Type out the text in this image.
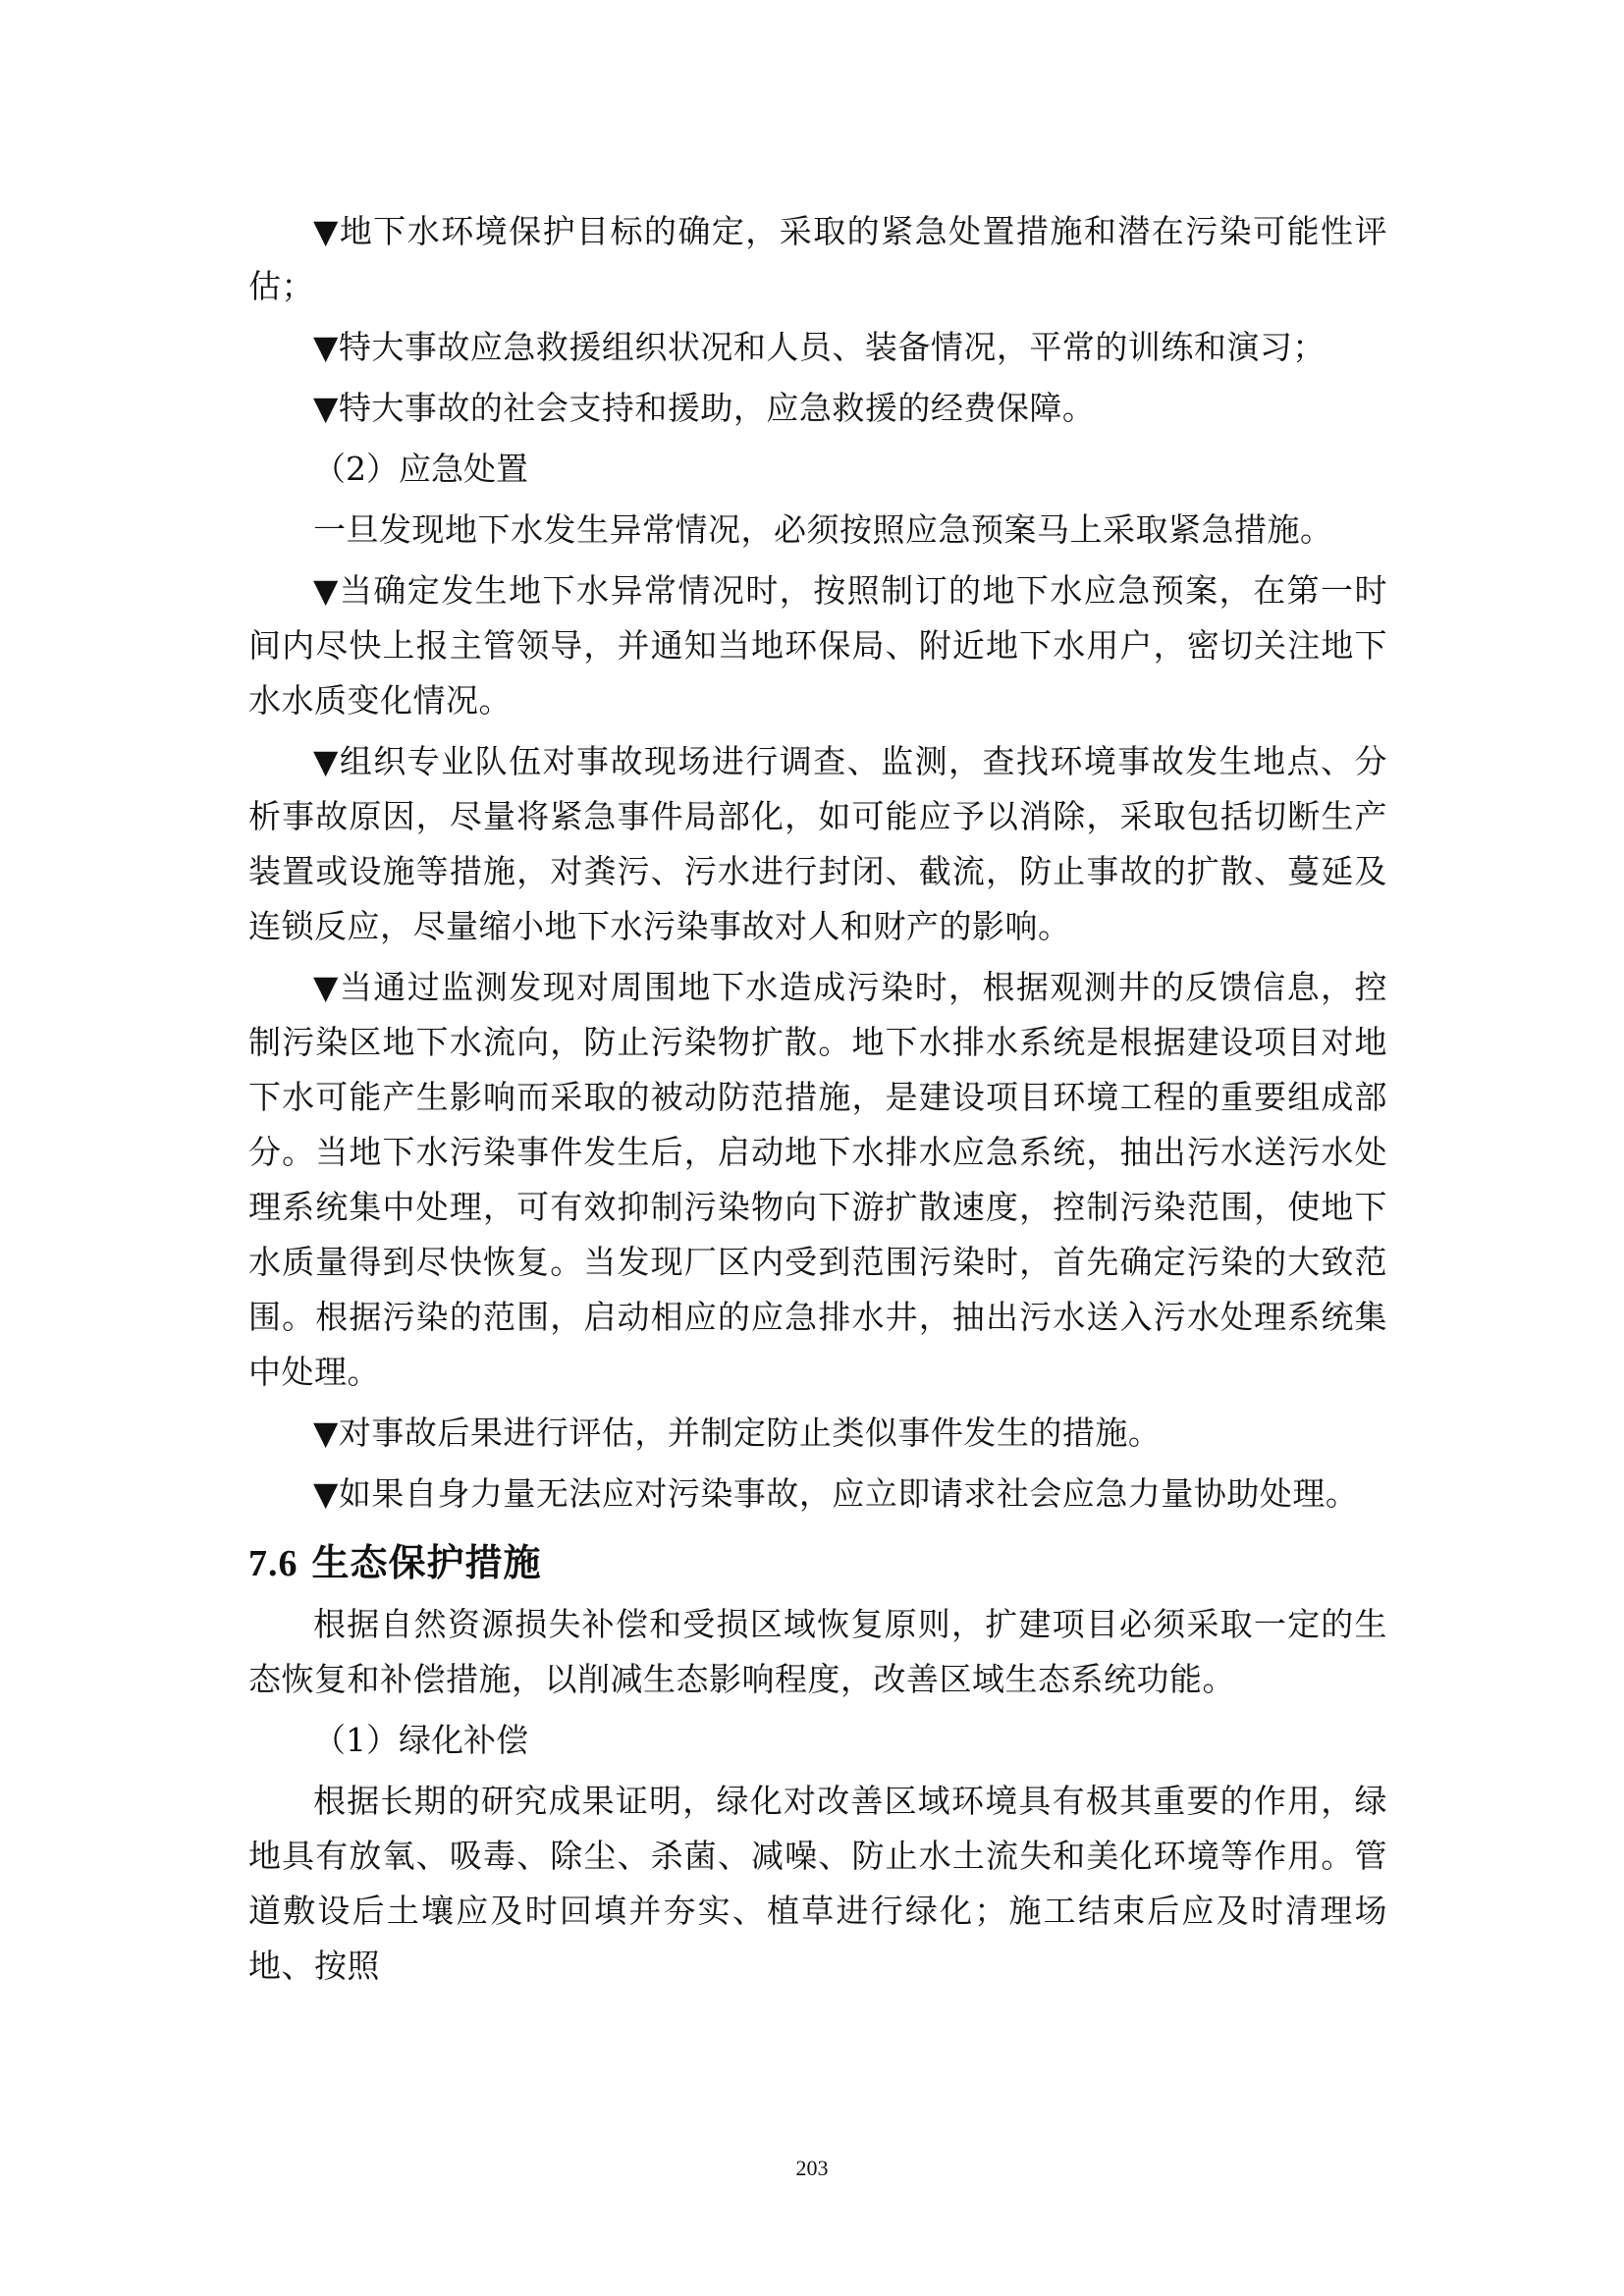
▼地下水环境保护目标的确定，采取的紧急处置措施和潜在污染可能性评估；

▼特大事故应急救援组织状况和人员、装备情况，平常的训练和演习；

▼特大事故的社会支持和援助，应急救援的经费保障。

（2）应急处置

一旦发现地下水发生异常情况，必须按照应急预案马上采取紧急措施。

▼当确定发生地下水异常情况时，按照制订的地下水应急预案，在第一时间内尽快上报主管领导，并通知当地环保局、附近地下水用户，密切关注地下水水质变化情况。

▼组织专业队伍对事故现场进行调查、监测，查找环境事故发生地点、分析事故原因，尽量将紧急事件局部化，如可能应予以消除，采取包括切断生产装置或设施等措施，对粪污、污水进行封闭、截流，防止事故的扩散、蔓延及连锁反应，尽量缩小地下水污染事故对人和财产的影响。

▼当通过监测发现对周围地下水造成污染时，根据观测井的反馈信息，控制污染区地下水流向，防止污染物扩散。地下水排水系统是根据建设项目对地下水可能产生影响而采取的被动防范措施，是建设项目环境工程的重要组成部分。当地下水污染事件发生后，启动地下水排水应急系统，抽出污水送污水处理系统集中处理，可有效抑制污染物向下游扩散速度，控制污染范围，使地下水质量得到尽快恢复。当发现厂区内受到范围污染时，首先确定污染的大致范围。根据污染的范围，启动相应的应急排水井，抽出污水送入污水处理系统集中处理。

▼对事故后果进行评估，并制定防止类似事件发生的措施。

▼如果自身力量无法应对污染事故，应立即请求社会应急力量协助处理。

7.6 生态保护措施

根据自然资源损失补偿和受损区域恢复原则，扩建项目必须采取一定的生态恢复和补偿措施，以削减生态影响程度，改善区域生态系统功能。

（1）绿化补偿

根据长期的研究成果证明，绿化对改善区域环境具有极其重要的作用，绿地具有放氧、吸毒、除尘、杀菌、减噪、防止水土流失和美化环境等作用。管道敷设后土壤应及时回填并夯实、植草进行绿化；施工结束后应及时清理场地、按照

203
